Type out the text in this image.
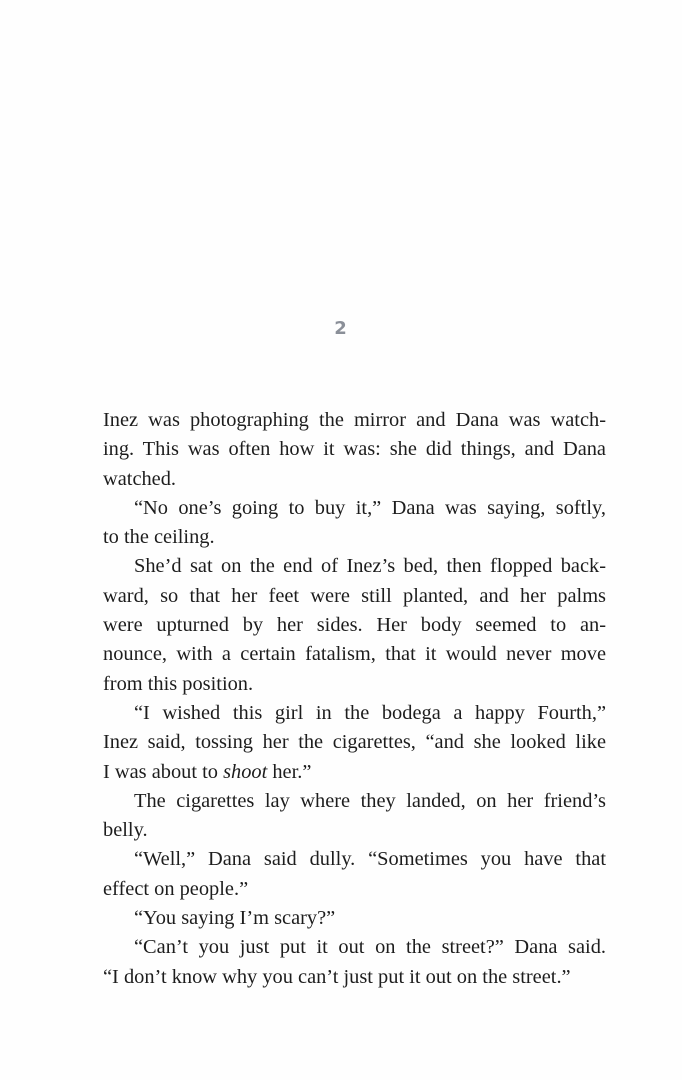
2
Inez was photographing the mirror and Dana was watch-
ing. This was often how it was: she did things, and Dana
watched.
“No one’s going to buy it,” Dana was saying, softly,
to the ceiling.
She’d sat on the end of Inez’s bed, then flopped back-
ward, so that her feet were still planted, and her palms
were upturned by her sides. Her body seemed to an-
nounce, with a certain fatalism, that it would never move
from this position.
“I wished this girl in the bodega a happy Fourth,”
Inez said, tossing her the cigarettes, “and she looked like
I was about to shoot her.”
The cigarettes lay where they landed, on her friend’s
belly.
“Well,” Dana said dully. “Sometimes you have that
effect on people.”
“You saying I’m scary?”
“Can’t you just put it out on the street?” Dana said.
“I don’t know why you can’t just put it out on the street.”
